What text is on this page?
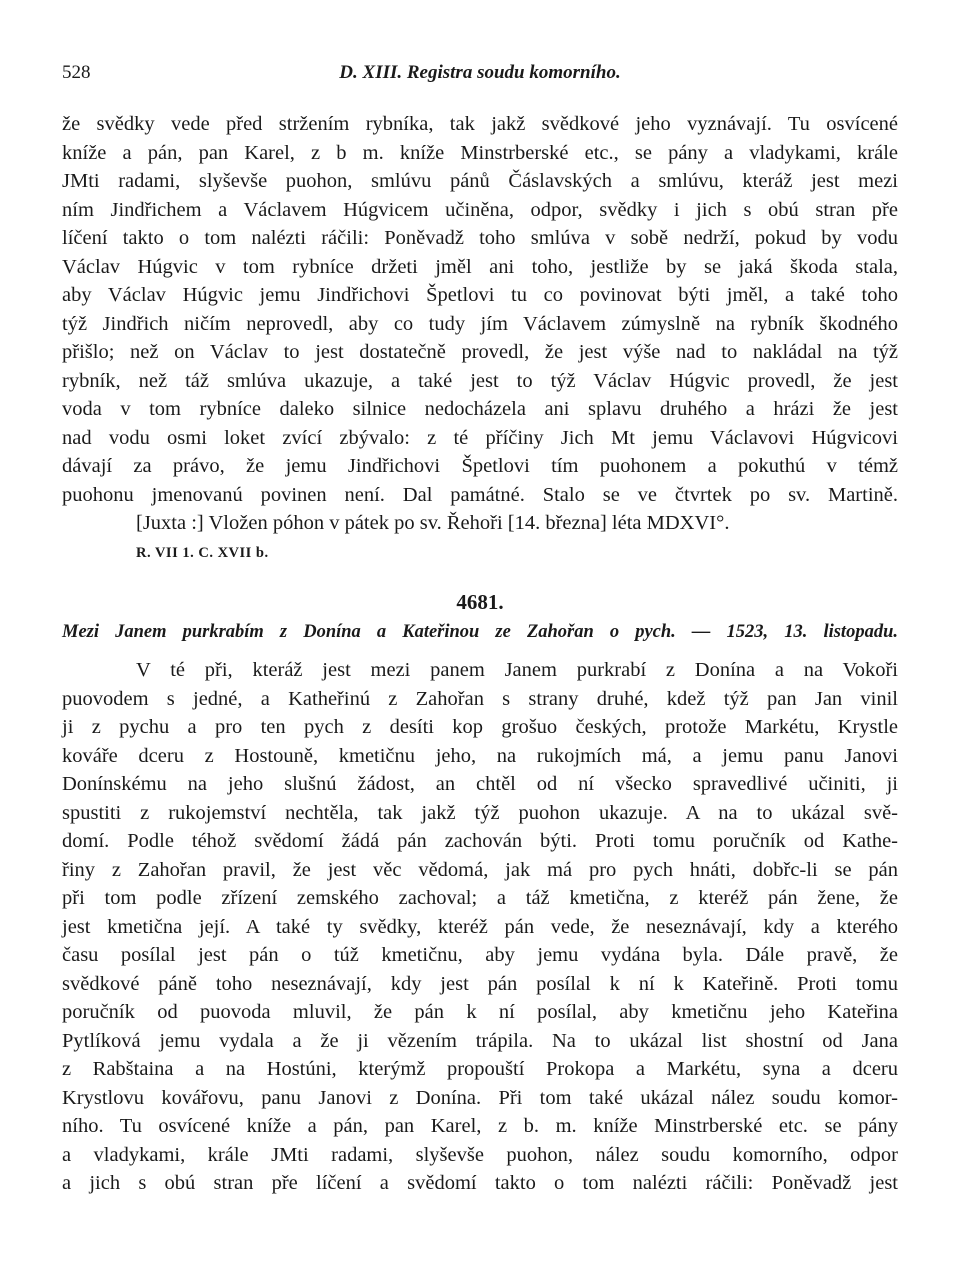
528	D. XIII. Registra soudu komorního.
že svědky vede před stržením rybníka, tak jakž svědkové jeho vyznávají. Tu osvícené
kníže a pán, pan Karel, z b m. kníže Minstrberské etc., se pány a vladykami, krále
JMti radami, slyševše puohon, smlúvu pánů Čáslavských a smlúvu, kteráž jest mezi
ním Jindřichem a Václavem Húgvicem učiněna, odpor, svědky i jich s obú stran pře
líčení takto o tom nalézti ráčili: Poněvadž toho smlúva v sobě nedrží, pokud by vodu
Václav Húgvic v tom rybníce držeti jměl ani toho, jestliže by se jaká škoda stala,
aby Václav Húgvic jemu Jindřichovi Špetlovi tu co povinovat býti jměl, a také toho
týž Jindřich ničím neprovedl, aby co tudy jím Václavem zúmyslně na rybník škodného
přišlo; než on Václav to jest dostatečně provedl, že jest výše nad to nakládal na týž
rybník, než táž smlúva ukazuje, a také jest to týž Václav Húgvic provedl, že jest
voda v tom rybníce daleko silnice nedocházela ani splavu druhého a hrázi že jest
nad vodu osmi loket zvící zbývalo: z té příčiny Jich Mt jemu Václavovi Húgvicovi
dávají za právo, že jemu Jindřichovi Špetlovi tím puohonem a pokuthú v témž
puohonu jmenovanú povinen není. Dal památné. Stalo se ve čtvrtek po sv. Martině.
[Juxta :] Vložen póhon v pátek po sv. Řehoři [14. března] léta MDXVI°.
R. VII 1. C. XVII b.
4681.
Mezi Janem purkrabím z Donína a Kateřinou ze Zahořan o pych. — 1523, 13. listopadu.
V té při, kteráž jest mezi panem Janem purkrabí z Donína a na Vokoři
puovodem s jedné, a Katheřinú z Zahořan s strany druhé, kdež týž pan Jan vinil
ji z pychu a pro ten pych z desíti kop grošuo českých, protože Markétu, Krystle
kováře dceru z Hostouně, kmetičnu jeho, na rukojmích má, a jemu panu Janovi
Donínskému na jeho slušnú žádost, an chtěl od ní všecko spravedlivé učiniti, ji
spustiti z rukojemství nechtěla, tak jakž týž puohon ukazuje. A na to ukázal svě-
domí. Podle téhož svědomí žádá pán zachován býti. Proti tomu poručník od Kathe-
řiny z Zahořan pravil, že jest věc vědomá, jak má pro pych hnáti, dobřc-li se pán
při tom podle zřízení zemského zachoval; a táž kmetična, z kteréž pán žene, že
jest kmetična její. A také ty svědky, kteréž pán vede, že neseznávají, kdy a kterého
času posílal jest pán o túž kmetičnu, aby jemu vydána byla. Dále pravě, že
svědkové páně toho neseznávají, kdy jest pán posílal k ní k Kateřině. Proti tomu
poručník od puovoda mluvil, že pán k ní posílal, aby kmetičnu jeho Kateřina
Pytlíková jemu vydala a že ji vězením trápila. Na to ukázal list shostní od Jana
z Rabštaina a na Hostúni, kterýmž propouští Prokopa a Markétu, syna a dceru
Krystlovu kovářovu, panu Janovi z Donína. Při tom také ukázal nález soudu komor-
ního. Tu osvícené kníže a pán, pan Karel, z b. m. kníže Minstrberské etc. se pány
a vladykami, krále JMti radami, slyševše puohon, nález soudu komorního, odpor
a jich s obú stran pře líčení a svědomí takto o tom nalézti ráčili: Poněvadž jest
